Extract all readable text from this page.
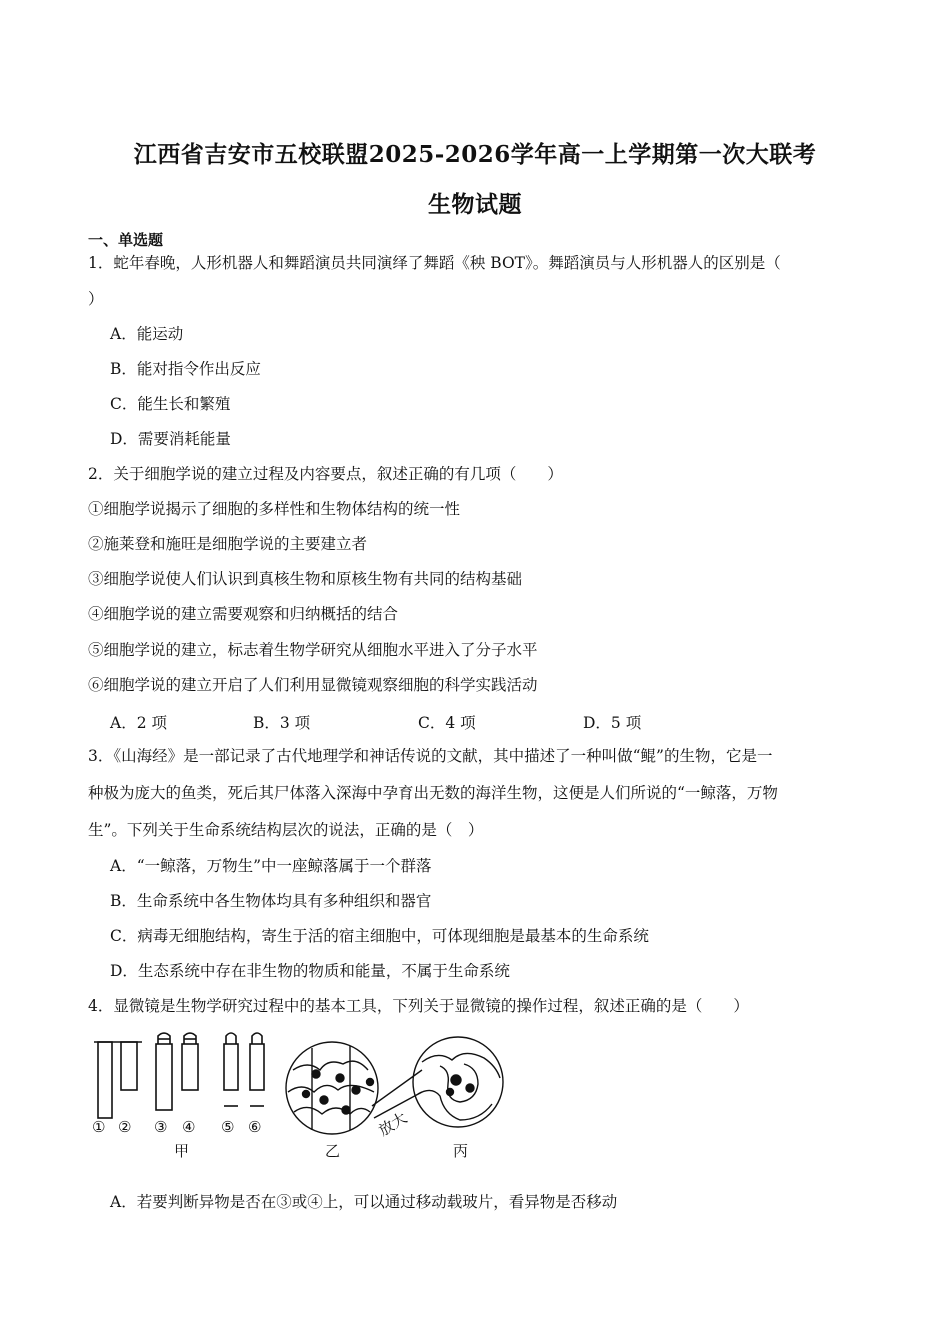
江西省吉安市五校联盟2025-2026学年高一上学期第一次大联考
生物试题
一、单选题
1．蛇年春晚，人形机器人和舞蹈演员共同演绎了舞蹈《秧 BOT》。舞蹈演员与人形机器人的区别是（
）
A．能运动
B．能对指令作出反应
C．能生长和繁殖
D．需要消耗能量
2．关于细胞学说的建立过程及内容要点，叙述正确的有几项（　　）
①细胞学说揭示了细胞的多样性和生物体结构的统一性
②施莱登和施旺是细胞学说的主要建立者
③细胞学说使人们认识到真核生物和原核生物有共同的结构基础
④细胞学说的建立需要观察和归纳概括的结合
⑤细胞学说的建立，标志着生物学研究从细胞水平进入了分子水平
⑥细胞学说的建立开启了人们利用显微镜观察细胞的科学实践活动
A．2 项	B．3 项	C．4 项	D．5 项
3．《山海经》是一部记录了古代地理学和神话传说的文献，其中描述了一种叫做“鲲”的生物，它是一
种极为庞大的鱼类，死后其尸体落入深海中孕育出无数的海洋生物，这便是人们所说的“一鲸落，万物
生”。下列关于生命系统结构层次的说法，正确的是（　）
A．“一鲸落，万物生”中一座鲸落属于一个群落
B．生命系统中各生物体均具有多种组织和器官
C．病毒无细胞结构，寄生于活的宿主细胞中，可体现细胞是最基本的生命系统
D．生态系统中存在非生物的物质和能量，不属于生命系统
4．显微镜是生物学研究过程中的基本工具，下列关于显微镜的操作过程，叙述正确的是（　　）
放大
① ② ③ ④ ⑤ ⑥
甲	乙	丙
A．若要判断异物是否在③或④上，可以通过移动载玻片，看异物是否移动
